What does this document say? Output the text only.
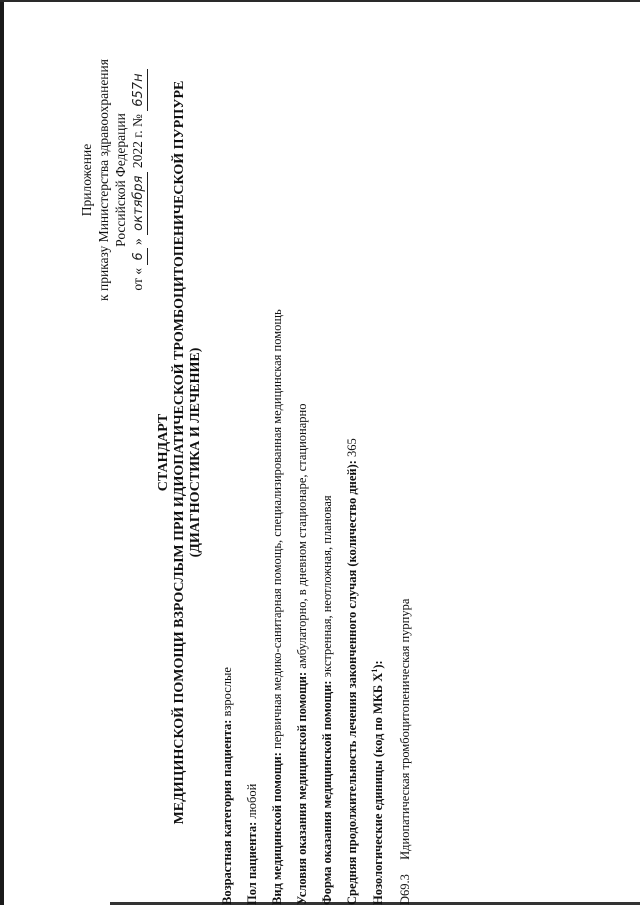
Приложение к приказу Министерства здравоохранения Российской Федерации
от « 6 » октября 2022 г. № 657н
СТАНДАРТ МЕДИЦИНСКОЙ ПОМОЩИ ВЗРОСЛЫМ ПРИ ИДИОПАТИЧЕСКОЙ ТРОМБОЦИТОПЕНИЧЕСКОЙ ПУРПУРЕ (ДИАГНОСТИКА И ЛЕЧЕНИЕ)
Возрастная категория пациента: взрослые
Пол пациента: любой Вид медицинской помощи: первичная медико-санитарная помощь, специализированная медицинская помощь
Условия оказания медицинской помощи: амбулаторно, в дневном стационаре, стационарно
Форма оказания медицинской помощи: экстренная, неотложная, плановая Средняя продолжительность лечения законченного случая (количество дней): 365
Нозологические единицы (код по МКБ $X^1$):
D69.3 Идиопатическая тромбоцитопеническая пурпура
